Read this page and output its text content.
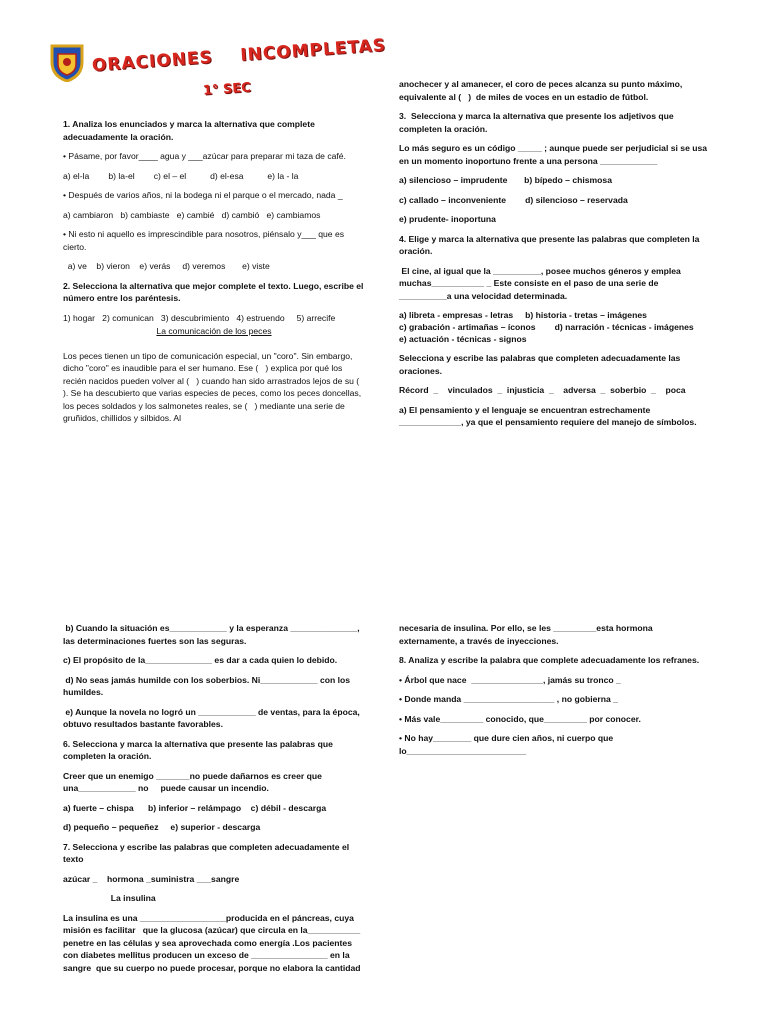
ORACIONES    INCOMPLETAS
1° SEC

1. Analiza los enunciados y marca la alternativa que complete adecuadamente la oración.

• Pásame, por favor____ agua y ___azúcar para preparar mi taza de café.

a) el-la        b) la-el        c) el – el          d) el-esa          e) la - la

• Después de varios años, ni la bodega ni el parque o el mercado, nada _

a) cambiaron   b) cambiaste   e) cambié   d) cambió   e) cambiamos

• Ni esto ni aquello es imprescindible para nosotros, piénsalo y___ que es cierto.

a) ve    b) vieron    e) verás     d) veremos       e) viste

2. Selecciona la alternativa que mejor complete el texto. Luego, escribe el número entre los paréntesis.

1) hogar   2) comunican   3) descubrimiento   4) estruendo     5) arrecife

La comunicación de los peces

Los peces tienen un tipo de comunicación especial, un "coro". Sin embargo, dicho "coro" es inaudible para el ser humano. Ese (   ) explica por qué los recién nacidos pueden volver al (   ) cuando han sido arrastrados lejos de su (   ). Se ha descubierto que varias especies de peces, como los peces doncellas, los peces soldados y los salmonetes reales, se (   ) mediante una serie de gruñidos, chillidos y silbidos. Al

anochecer y al amanecer, el coro de peces alcanza su punto máximo, equivalente al (   )  de miles de voces en un estadio de fútbol.

3.  Selecciona y marca la alternativa que presente los adjetivos que completen la oración.

Lo más seguro es un código _____ ; aunque puede ser perjudicial si se usa en un momento inoportuno frente a una persona ____________

a) silencioso – imprudente       b) bípedo – chismosa

c) callado – inconveniente        d) silencioso – reservada

e) prudente- inoportuna

4. Elige y marca la alternativa que presente las palabras que completen la oración.

El cine, al igual que la __________, posee muchos géneros y emplea muchas___________ _ Este consiste en el paso de una serie de __________a una velocidad determinada.

a) libreta - empresas - letras     b) historia - tretas – imágenes
c) grabación - artimañas – íconos        d) narración - técnicas - imágenes
e) actuación - técnicas - signos

Selecciona y escribe las palabras que completen adecuadamente las oraciones.

Récord  _    vinculados  _  injusticia  _    adversa  _  soberbio  _    poca

a) El pensamiento y el lenguaje se encuentran estrechamente _____________, ya que el pensamiento requiere del manejo de símbolos.

b) Cuando la situación es____________ y la esperanza ______________, las determinaciones fuertes son las seguras.

c) El propósito de la______________ es dar a cada quien lo debido.

d) No seas jamás humilde con los soberbios. Ni____________ con los humildes.

e) Aunque la novela no logró un ____________ de ventas, para la época, obtuvo resultados bastante favorables.

6. Selecciona y marca la alternativa que presente las palabras que completen la oración.

Creer que un enemigo _______no puede dañarnos es creer que una____________ no     puede causar un incendio.

a) fuerte – chispa      b) inferior – relámpago    c) débil - descarga

d) pequeño – pequeñez     e) superior - descarga

7. Selecciona y escribe las palabras que completen adecuadamente el texto

azúcar _    hormona _suministra ___sangre

La insulina

La insulina es una __________________producida en el páncreas, cuya misión es facilitar   que la glucosa (azúcar) que circula en la___________ penetre en las células y sea aprovechada como energía .Los pacientes con diabetes mellitus producen un exceso de ________________ en la sangre  que su cuerpo no puede procesar, porque no elabora la cantidad

necesaria de insulina. Por ello, se les _________esta hormona externamente, a través de inyecciones.

8. Analiza y escribe la palabra que complete adecuadamente los refranes.

• Árbol que nace  _______________, jamás su tronco _

• Donde manda ___________________ , no gobierna _

• Más vale_________ conocido, que_________ por conocer.

• No hay________ que dure cien años, ni cuerpo que lo_________________________
